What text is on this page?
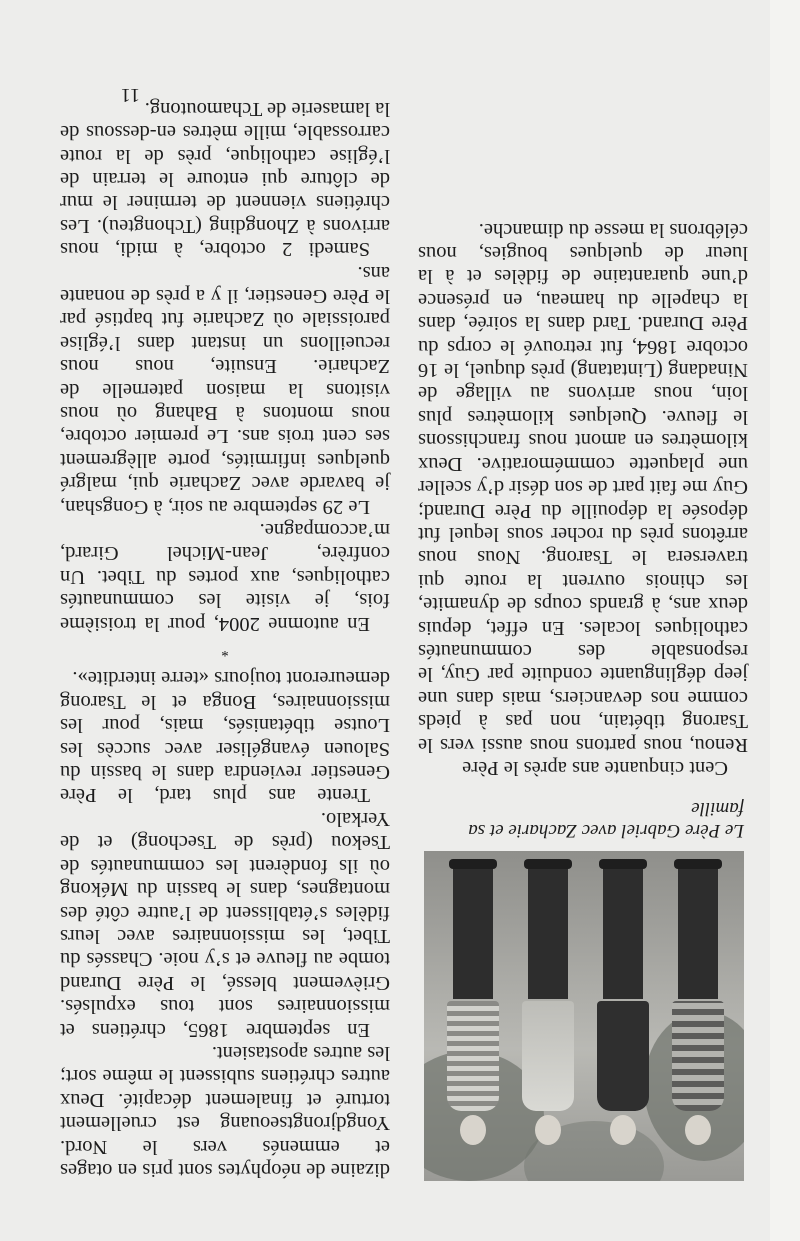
Le Père Gabriel avec Zacharie et sa
famille

Cent cinquante ans après le Père

Renou, nous partons nous aussi vers le Tsarong tibétain, non pas à pieds comme nos devanciers, mais dans une jeep déglinguante conduite par Guy, le responsable des communautés catholiques locales. En effet, depuis deux ans, à grands coups de dynamite, les chinois ouvrent la route qui traversera le Tsarong. Nous nous arrêtons près du rocher sous lequel fut déposée la dépouille du Père Durand; Guy me fait part de son désir d’y sceller une plaquette commémorative. Deux kilomètres en amont nous franchissons le fleuve. Quelques kilomètres plus loin, nous arrivons au village de Ninadang (Lintatang) près duquel, le 16 octobre 1864, fut retrouvé le corps du Père Durand. Tard dans la soirée, dans la chapelle du hameau, en présence d’une quarantaine de fidèles et à la lueur de quelques bougies, nous célébrons la messe du dimanche.

dizaine de néophytes sont pris en otages et emmenés vers le Nord. Yongdjrongtseouang est cruellement torturé et finalement décapité. Deux autres chrétiens subissent le même sort; les autres apostasient.

En septembre 1865, chrétiens et missionnaires sont tous expulsés. Grièvement blessé, le Père Durand tombe au fleuve et s’y noie. Chassés du Tibet, les missionnaires avec leurs fidèles s’établissent de l’autre côté des montagnes, dans le bassin du Mékong où ils fondèrent les communautés de Tsekou (près de Tsechong) et de Yerkalo.

Trente ans plus tard, le Père Genestier reviendra dans le bassin du Salouen évangéliser avec succès les Loutse tibétanisés, mais, pour les missionnaires, Bonga et le Tsarong demeureront toujours «terre interdite».

*

En automne 2004, pour la troisième fois, je visite les communautés catholiques, aux portes du Tibet. Un confrère, Jean-Michel Girard, m’accompagne.

Le 29 septembre au soir, à Gongshan, je bavarde avec Zacharie qui, malgré quelques infirmités, porte allègrement ses cent trois ans. Le premier octobre, nous montons à Bahang où nous visitons la maison paternelle de Zacharie. Ensuite, nous nous recueillons un instant dans l’église paroissiale où Zacharie fut baptisé par le Père Genestier, il y a près de nonante ans.

Samedi 2 octobre, à midi, nous arrivons à Zhongding (Tchongteu). Les chrétiens viennent de terminer le mur de clôture qui entoure le terrain de l’église catholique, près de la route carrossable, mille mètres en-dessous de la lamaserie de Tchamoutong.

11
